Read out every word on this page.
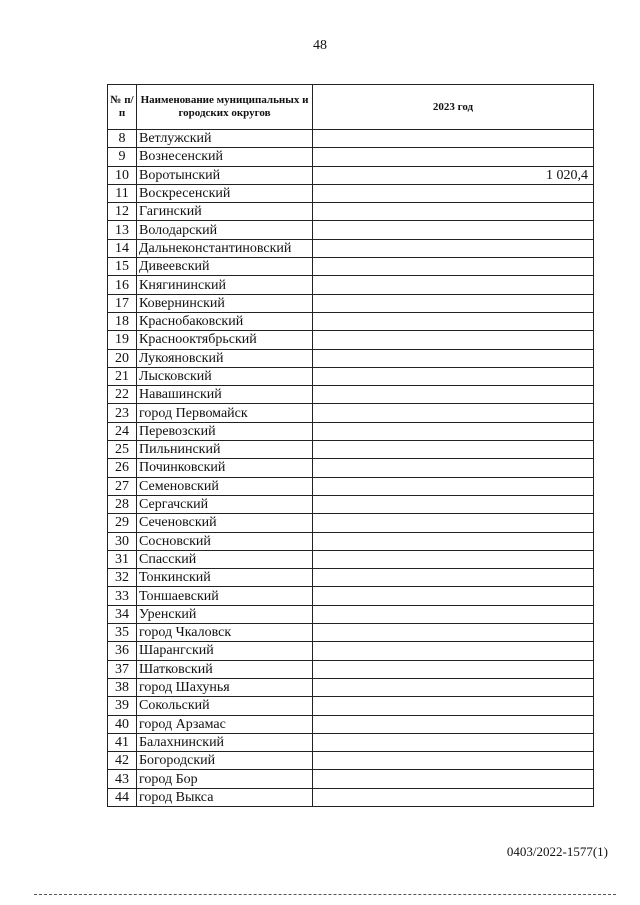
48
№ п/п	Наименование муниципальных и городских округов	2023 год
8	Ветлужский	
9	Вознесенский	
10	Воротынский	1 020,4
11	Воскресенский	
12	Гагинский	
13	Володарский	
14	Дальнеконстантиновский	
15	Дивеевский	
16	Княгининский	
17	Ковернинский	
18	Краснобаковский	
19	Краснооктябрьский	
20	Лукояновский	
21	Лысковский	
22	Навашинский	
23	город Первомайск	
24	Перевозский	
25	Пильнинский	
26	Починковский	
27	Семеновский	
28	Сергачский	
29	Сеченовский	
30	Сосновский	
31	Спасский	
32	Тонкинский	
33	Тоншаевский	
34	Уренский	
35	город Чкаловск	
36	Шарангский	
37	Шатковский	
38	город Шахунья	
39	Сокольский	
40	город Арзамас	
41	Балахнинский	
42	Богородский	
43	город Бор	
44	город Выкса	
0403/2022-1577(1)
